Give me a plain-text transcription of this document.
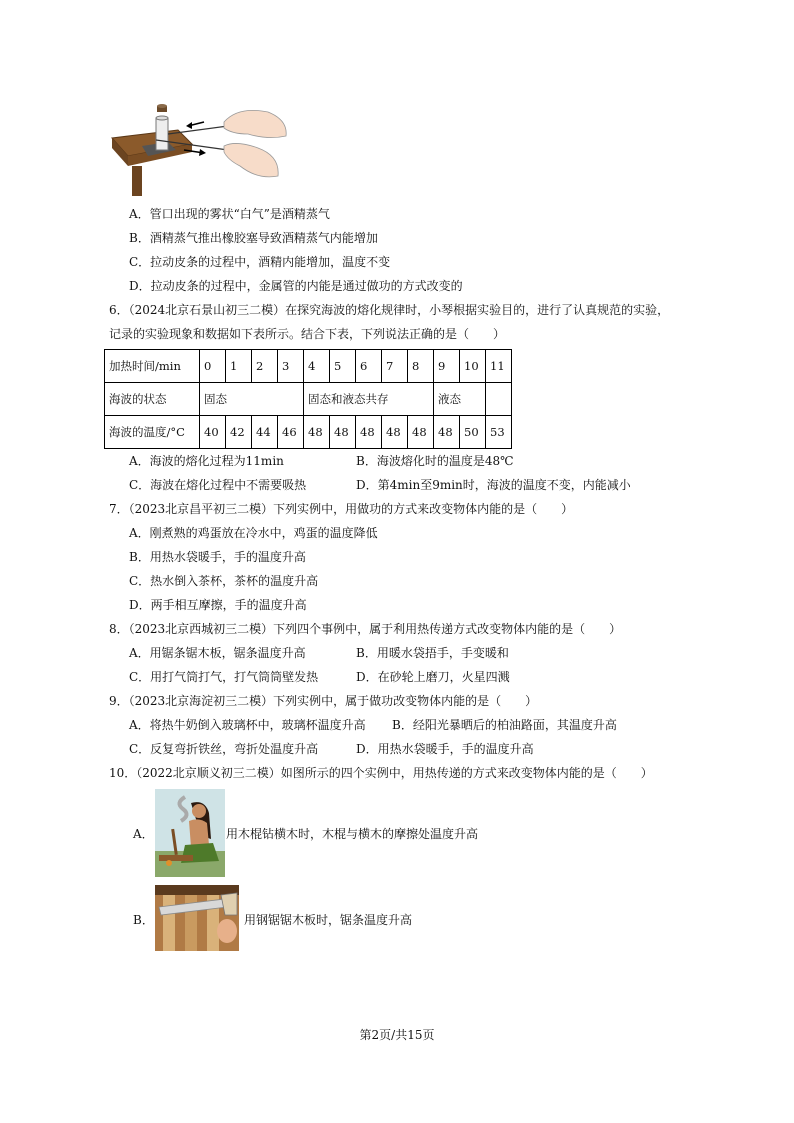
A．管口出现的雾状“白气”是酒精蒸气
B．酒精蒸气推出橡胶塞导致酒精蒸气内能增加
C．拉动皮条的过程中，酒精内能增加，温度不变
D．拉动皮条的过程中，金属管的内能是通过做功的方式改变的
6．（2024北京石景山初三二模）在探究海波的熔化规律时，小琴根据实验目的，进行了认真规范的实验，
记录的实验现象和数据如下表所示。结合下表，下列说法正确的是（　　）
加热时间/min	0	1	2	3	4	5	6	7	8	9	10	11
海波的状态	固态				固态和液态共存					液态		
海波的温度/°C	40	42	44	46	48	48	48	48	48	48	50	53
A．海波的熔化过程为11min	B．海波熔化时的温度是48℃
C．海波在熔化过程中不需要吸热	D．第4min至9min时，海波的温度不变，内能减小
7．（2023北京昌平初三二模）下列实例中，用做功的方式来改变物体内能的是（　　）
A．刚煮熟的鸡蛋放在冷水中，鸡蛋的温度降低
B．用热水袋暖手，手的温度升高
C．热水倒入茶杯，茶杯的温度升高
D．两手相互摩擦，手的温度升高
8．（2023北京西城初三二模）下列四个事例中，属于利用热传递方式改变物体内能的是（　　）
A．用锯条锯木板，锯条温度升高	B．用暖水袋捂手，手变暖和
C．用打气筒打气，打气筒筒壁发热	D．在砂轮上磨刀，火星四溅
9．（2023北京海淀初三二模）下列实例中，属于做功改变物体内能的是（　　）
A．将热牛奶倒入玻璃杯中，玻璃杯温度升高 B．经阳光暴晒后的柏油路面，其温度升高
C．反复弯折铁丝，弯折处温度升高	D．用热水袋暖手，手的温度升高
10．（2022北京顺义初三二模）如图所示的四个实例中，用热传递的方式来改变物体内能的是（　　）
A．	用木棍钻横木时，木棍与横木的摩擦处温度升高
B．	用钢锯锯木板时，锯条温度升高
第2页/共15页
